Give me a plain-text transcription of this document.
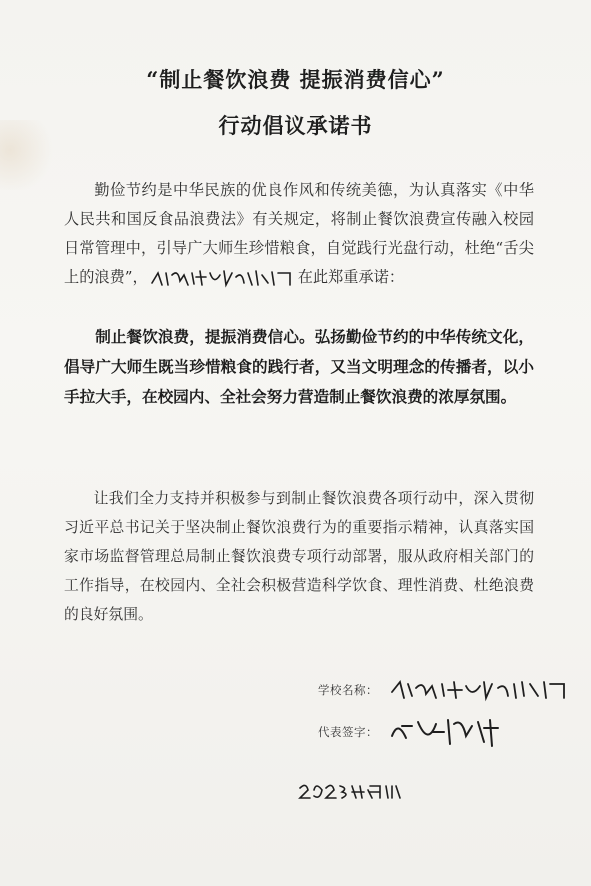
“制止餐饮浪费 提振消费信心”
行动倡议承诺书
勤俭节约是中华民族的优良作风和传统美德，为认真落实《中华人民共和国反食品浪费法》有关规定，将制止餐饮浪费宣传融入校园日常管理中，引导广大师生珍惜粮食，自觉践行光盘行动，杜绝“舌尖上的浪费”，	在此郑重承诺：
制止餐饮浪费，提振消费信心。弘扬勤俭节约的中华传统文化，倡导广大师生既当珍惜粮食的践行者，又当文明理念的传播者，以小手拉大手，在校园内、全社会努力营造制止餐饮浪费的浓厚氛围。
让我们全力支持并积极参与到制止餐饮浪费各项行动中，深入贯彻习近平总书记关于坚决制止餐饮浪费行为的重要指示精神，认真落实国家市场监督管理总局制止餐饮浪费专项行动部署，服从政府相关部门的工作指导，在校园内、全社会积极营造科学饮食、理性消费、杜绝浪费的良好氛围。
学校名称：
代表签字：
